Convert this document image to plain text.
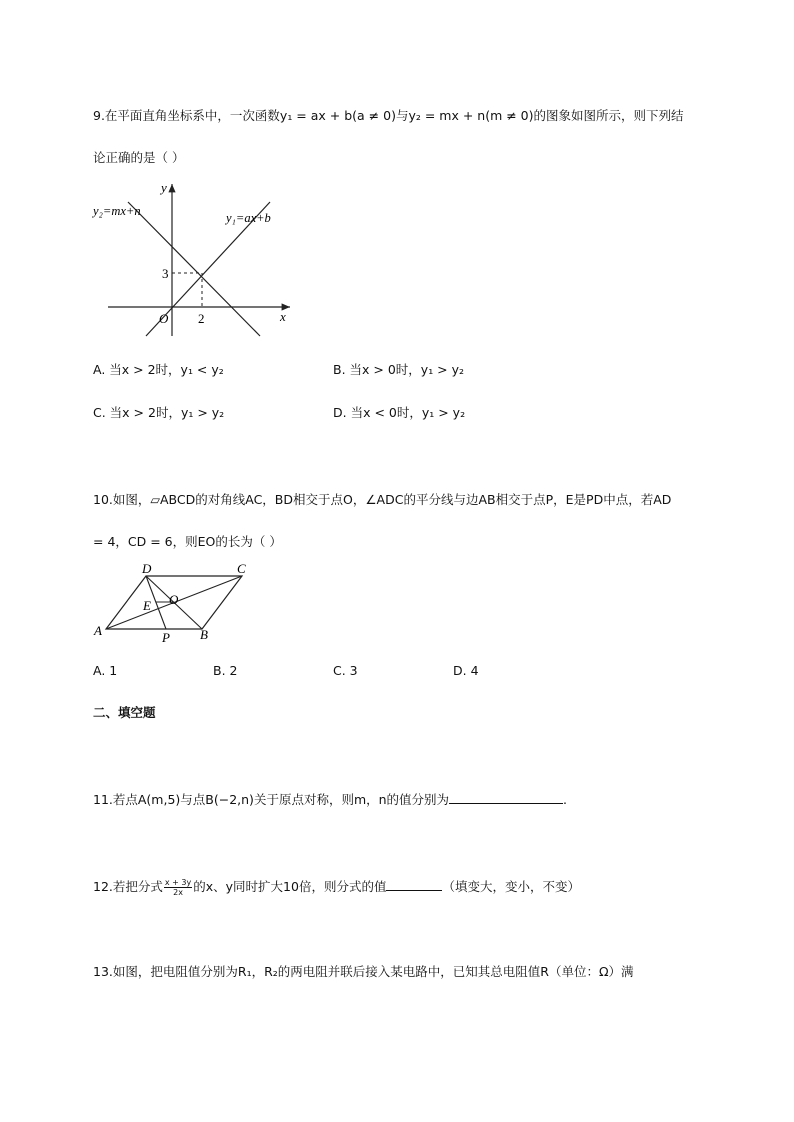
9.在平面直角坐标系中，一次函数y₁ = ax + b(a ≠ 0)与y₂ = mx + n(m ≠ 0)的图象如图所示，则下列结
论正确的是（ ）
y
x
O
3
2
y₂=mx+n	y₁=ax+b
A. 当x > 2时，y₁ < y₂	B. 当x > 0时，y₁ > y₂
C. 当x > 2时，y₁ > y₂	D. 当x < 0时，y₁ > y₂
10.如图，▱ABCD的对角线AC，BD相交于点O，∠ADC的平分线与边AB相交于点P，E是PD中点，若AD
= 4，CD = 6，则EO的长为（ ）
D	C
A	B
P
E O
A. 1	B. 2	C. 3	D. 4
二、填空题
11.若点A(m,5)与点B(−2,n)关于原点对称，则m，n的值分别为	.
12.若把分式 $\frac{x + 3y}{2x}$ 的x、y同时扩大10倍，则分式的值	（填变大，变小，不变）
13.如图，把电阻值分别为R₁，R₂的两电阻并联后接入某电路中，已知其总电阻值R（单位：Ω）满
